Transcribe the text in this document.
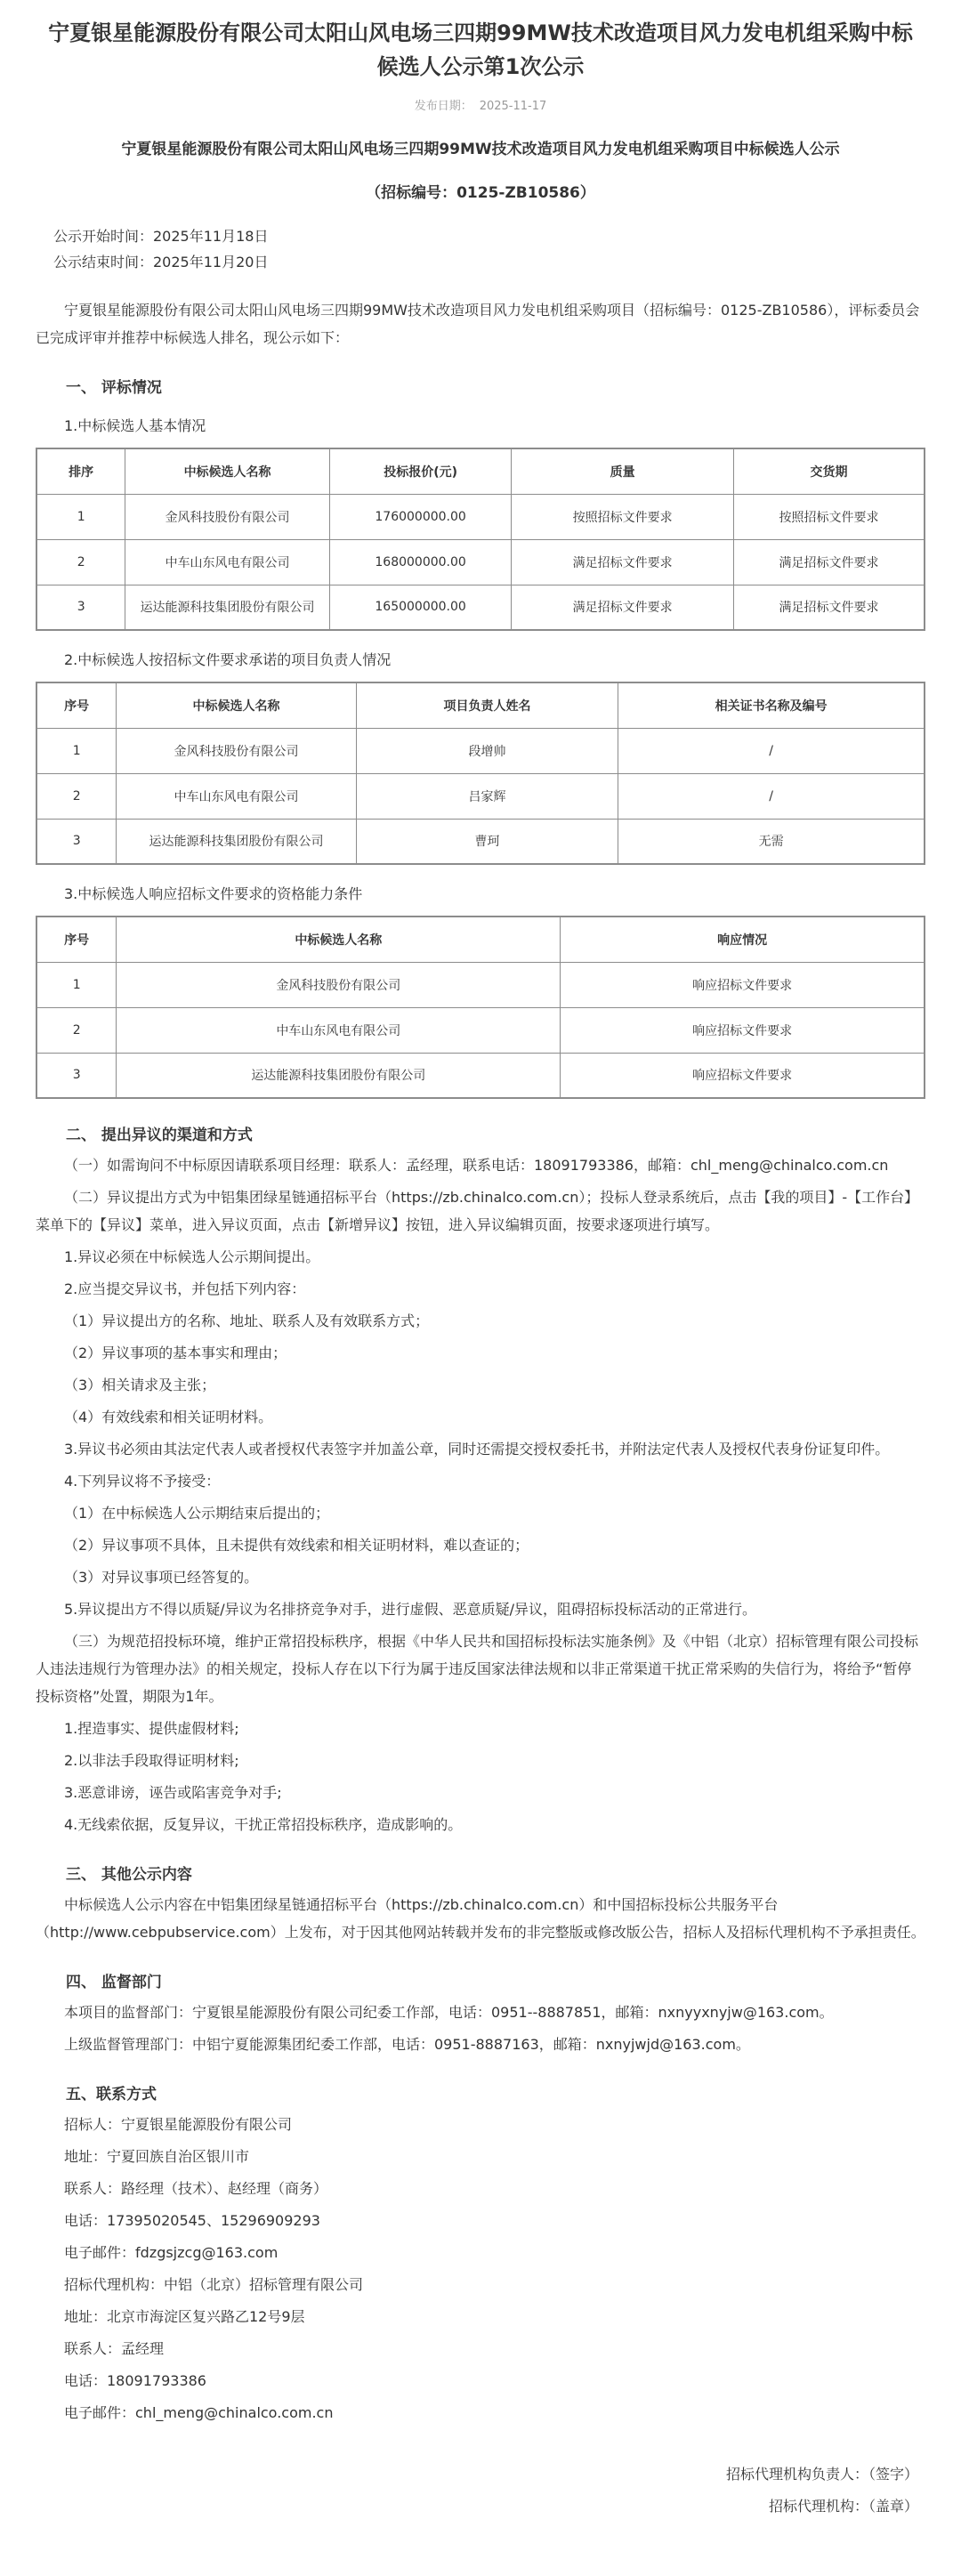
宁夏银星能源股份有限公司太阳山风电场三四期99MW技术改造项目风力发电机组采购中标候选人公示第1次公示
发布日期： 2025-11-17
宁夏银星能源股份有限公司太阳山风电场三四期99MW技术改造项目风力发电机组采购项目中标候选人公示
（招标编号：0125-ZB10586）

公示开始时间：2025年11月18日

公示结束时间：2025年11月20日

宁夏银星能源股份有限公司太阳山风电场三四期99MW技术改造项目风力发电机组采购项目（招标编号：0125-ZB10586），评标委员会已完成评审并推荐中标候选人排名，现公示如下：

一、 评标情况
1.中标候选人基本情况
排序	中标候选人名称	投标报价(元)	质量	交货期
1	金风科技股份有限公司	176000000.00	按照招标文件要求	按照招标文件要求
2	中车山东风电有限公司	168000000.00	满足招标文件要求	满足招标文件要求
3	运达能源科技集团股份有限公司	165000000.00	满足招标文件要求	满足招标文件要求
2.中标候选人按招标文件要求承诺的项目负责人情况
序号	中标候选人名称	项目负责人姓名	相关证书名称及编号
1	金风科技股份有限公司	段增帅	/
2	中车山东风电有限公司	吕家辉	/
3	运达能源科技集团股份有限公司	曹珂	无需
3.中标候选人响应招标文件要求的资格能力条件
序号	中标候选人名称	响应情况
1	金风科技股份有限公司	响应招标文件要求
2	中车山东风电有限公司	响应招标文件要求
3	运达能源科技集团股份有限公司	响应招标文件要求
二、 提出异议的渠道和方式

（一）如需询问不中标原因请联系项目经理：联系人：孟经理，联系电话：18091793386，邮箱：chl_meng@chinalco.com.cn

（二）异议提出方式为中铝集团绿星链通招标平台（https://zb.chinalco.com.cn）；投标人登录系统后，点击【我的项目】-【工作台】菜单下的【异议】菜单，进入异议页面，点击【新增异议】按钮，进入异议编辑页面，按要求逐项进行填写。

1.异议必须在中标候选人公示期间提出。

2.应当提交异议书，并包括下列内容：

（1）异议提出方的名称、地址、联系人及有效联系方式；

（2）异议事项的基本事实和理由；

（3）相关请求及主张；

（4）有效线索和相关证明材料。

3.异议书必须由其法定代表人或者授权代表签字并加盖公章，同时还需提交授权委托书，并附法定代表人及授权代表身份证复印件。

4.下列异议将不予接受：

（1）在中标候选人公示期结束后提出的；

（2）异议事项不具体，且未提供有效线索和相关证明材料，难以查证的；

（3）对异议事项已经答复的。

5.异议提出方不得以质疑/异议为名排挤竞争对手，进行虚假、恶意质疑/异议，阻碍招标投标活动的正常进行。

（三）为规范招投标环境，维护正常招投标秩序，根据《中华人民共和国招标投标法实施条例》及《中铝（北京）招标管理有限公司投标人违法违规行为管理办法》的相关规定，投标人存在以下行为属于违反国家法律法规和以非正常渠道干扰正常采购的失信行为，将给予“暂停投标资格”处置，期限为1年。

1.捏造事实、提供虚假材料;

2.以非法手段取得证明材料;

3.恶意诽谤，诬告或陷害竞争对手;

4.无线索依据，反复异议，干扰正常招投标秩序，造成影响的。

三、 其他公示内容

中标候选人公示内容在中铝集团绿星链通招标平台（https://zb.chinalco.com.cn）和中国招标投标公共服务平台（http://www.cebpubservice.com）上发布，对于因其他网站转载并发布的非完整版或修改版公告，招标人及招标代理机构不予承担责任。

四、 监督部门

本项目的监督部门：宁夏银星能源股份有限公司纪委工作部，电话：0951--8887851，邮箱：nxnyyxnyjw@163.com。

上级监督管理部门：中铝宁夏能源集团纪委工作部，电话：0951-8887163，邮箱：nxnyjwjd@163.com。

五、联系方式

招标人：宁夏银星能源股份有限公司

地址：宁夏回族自治区银川市

联系人：路经理（技术）、赵经理（商务）

电话：17395020545、15296909293

电子邮件：fdzgsjzcg@163.com

招标代理机构：中铝（北京）招标管理有限公司

地址：北京市海淀区复兴路乙12号9层

联系人：孟经理

电话：18091793386

电子邮件：chl_meng@chinalco.com.cn

招标代理机构负责人：（签字）
招标代理机构：（盖章）
